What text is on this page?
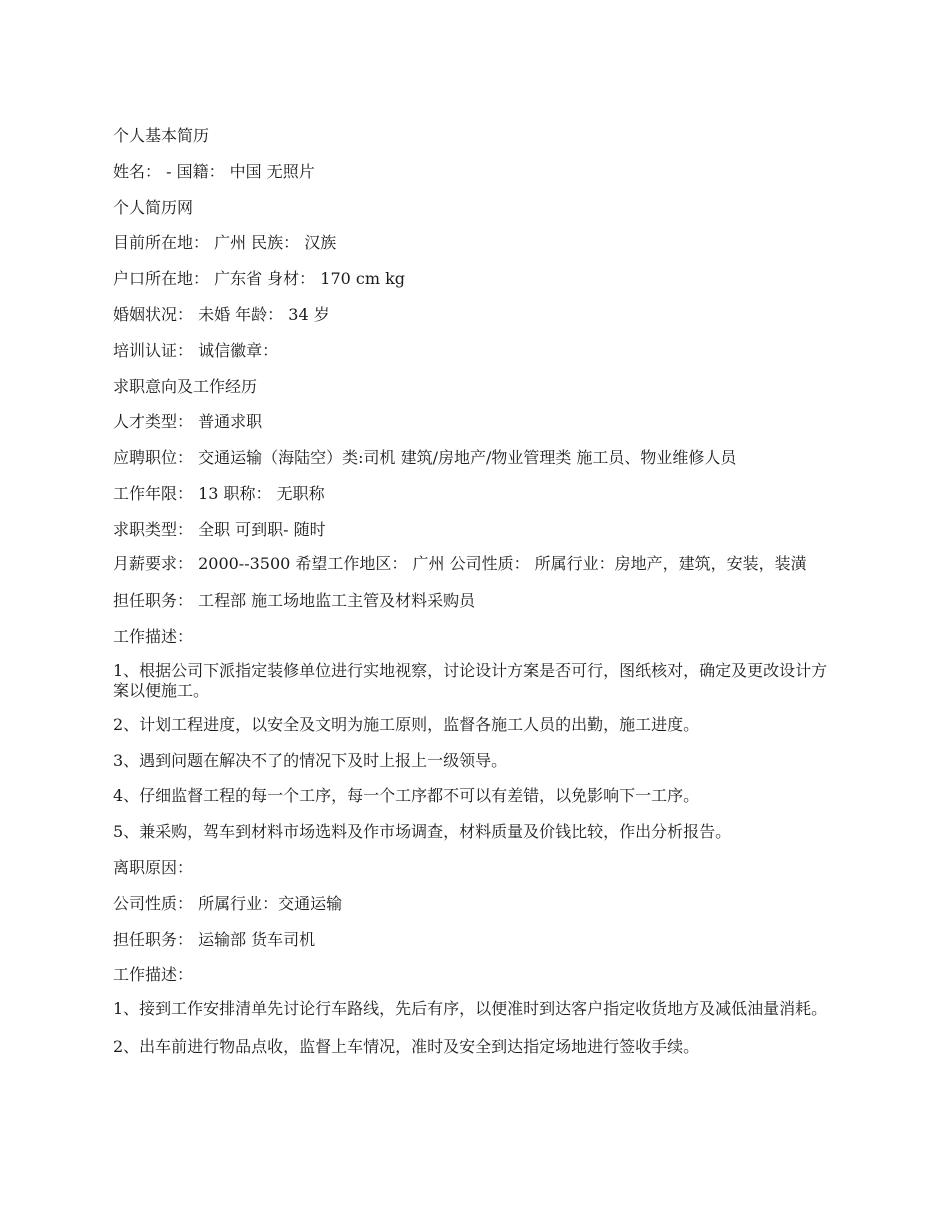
个人基本简历

姓名： - 国籍： 中国 无照片

个人简历网

目前所在地： 广州 民族： 汉族

户口所在地： 广东省 身材： 170 cm kg

婚姻状况： 未婚 年龄： 34 岁

培训认证： 诚信徽章：

求职意向及工作经历

人才类型： 普通求职

应聘职位： 交通运输（海陆空）类:司机 建筑/房地产/物业管理类 施工员、物业维修人员

工作年限： 13 职称： 无职称

求职类型： 全职 可到职- 随时

月薪要求： 2000--3500 希望工作地区： 广州 公司性质： 所属行业：房地产，建筑，安装，装潢

担任职务： 工程部 施工场地监工主管及材料采购员

工作描述：

1、根据公司下派指定装修单位进行实地视察，讨论设计方案是否可行，图纸核对，确定及更改设计方案以便施工。

2、计划工程进度，以安全及文明为施工原则，监督各施工人员的出勤，施工进度。

3、遇到问题在解决不了的情况下及时上报上一级领导。

4、仔细监督工程的每一个工序，每一个工序都不可以有差错，以免影响下一工序。

5、兼采购，驾车到材料市场选料及作市场调查，材料质量及价钱比较，作出分析报告。

离职原因：

公司性质： 所属行业：交通运输

担任职务： 运输部 货车司机

工作描述：

1、接到工作安排清单先讨论行车路线，先后有序，以便准时到达客户指定收货地方及减低油量消耗。

2、出车前进行物品点收，监督上车情况，准时及安全到达指定场地进行签收手续。
